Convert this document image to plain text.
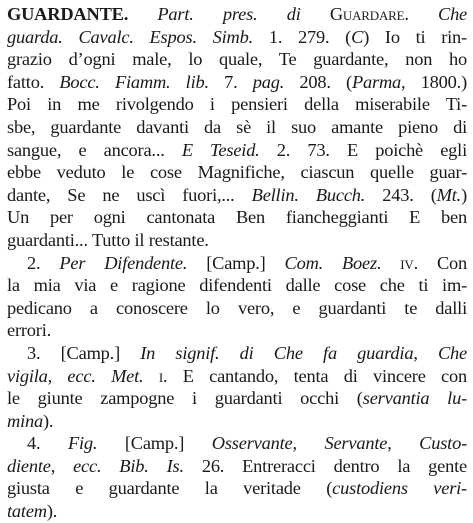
GUARDANTE. Part. pres. di Guardare. Che
guarda. Cavalc. Espos. Simb. 1. 279. (C) Io ti rin-
grazio d’ogni male, lo quale, Te guardante, non ho
fatto. Bocc. Fiamm. lib. 7. pag. 208. (Parma, 1800.)
Poi in me rivolgendo i pensieri della miserabile Ti-
sbe, guardante davanti da sè il suo amante pieno di
sangue, e ancora... E Teseid. 2. 73. E poichè egli
ebbe veduto le cose Magnifiche, ciascun quelle guar-
dante, Se ne uscì fuori,... Bellin. Bucch. 243. (Mt.)
Un per ogni cantonata Ben fiancheggianti E ben
guardanti... Tutto il restante.
2. Per Difendente. [Camp.] Com. Boez. iv. Con
la mia via e ragione difendenti dalle cose che ti im-
pedicano a conoscere lo vero, e guardanti te dalli
errori.
3. [Camp.] In signif. di Che fa guardia, Che
vigila, ecc. Met. i. E cantando, tenta di vincere con
le giunte zampogne i guardanti occhi (servantia lu-
mina).
4. Fig. [Camp.] Osservante, Servante, Custo-
diente, ecc. Bib. Is. 26. Entreracci dentro la gente
giusta e guardante la veritade (custodiens veri-
tatem).
